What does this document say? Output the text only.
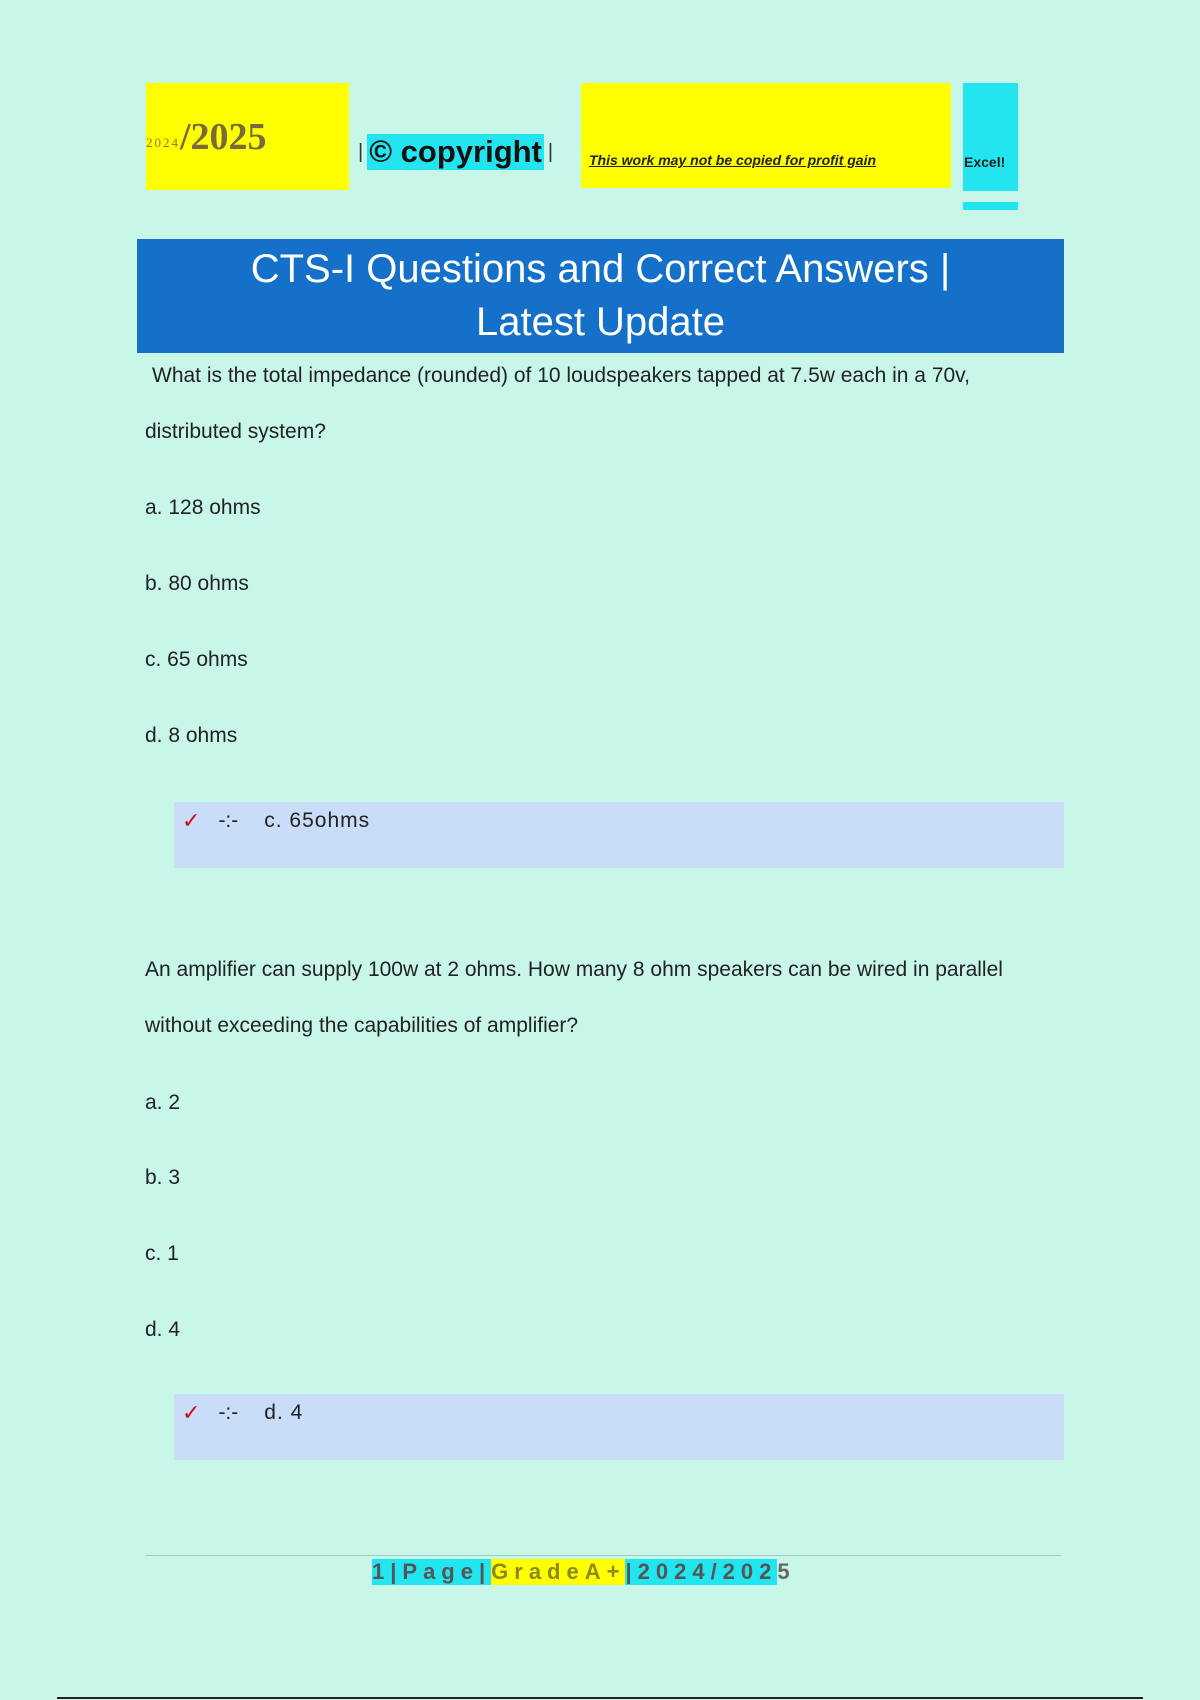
2024 /2025	| © copyright |	This work may not be copied for profit gain	Excel!
CTS-I Questions and Correct Answers |
Latest Update
What is the total impedance (rounded) of 10 loudspeakers tapped at 7.5w each in a 70v,
distributed system?
a. 128 ohms
b. 80 ohms
c. 65 ohms
d. 8 ohms
✓ -:- c. 65ohms
An amplifier can supply 100w at 2 ohms. How many 8 ohm speakers can be wired in parallel
without exceeding the capabilities of amplifier?
a. 2
b. 3
c. 1
d. 4
✓ -:- d. 4
1|Page| GradeA+ |2024/202 5
